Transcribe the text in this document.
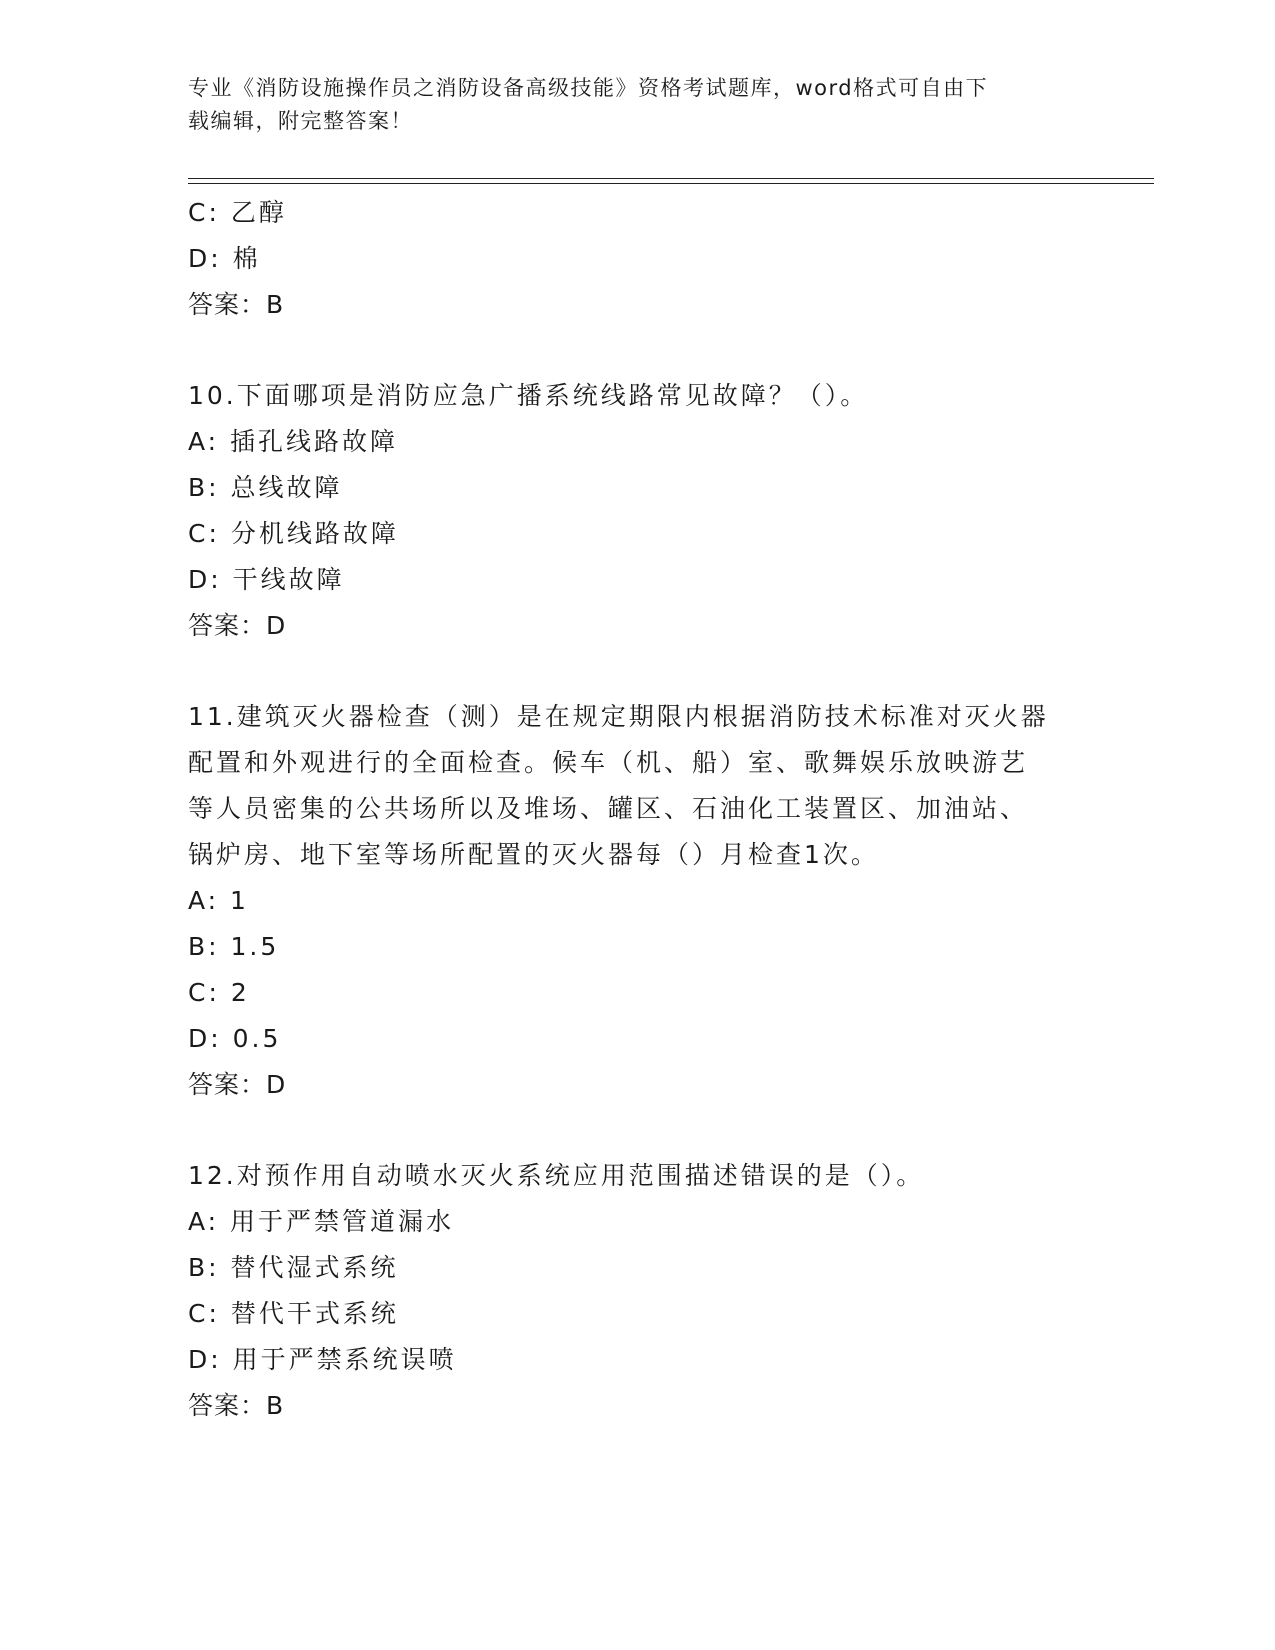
专业《消防设施操作员之消防设备高级技能》资格考试题库，word格式可自由下
载编辑，附完整答案！
C: 乙醇
D: 棉
答案：B
10.下面哪项是消防应急广播系统线路常见故障？（）。
A: 插孔线路故障
B: 总线故障
C: 分机线路故障
D: 干线故障
答案：D
11.建筑灭火器检查（测）是在规定期限内根据消防技术标准对灭火器
配置和外观进行的全面检查。候车（机、船）室、歌舞娱乐放映游艺
等人员密集的公共场所以及堆场、罐区、石油化工装置区、加油站、
锅炉房、地下室等场所配置的灭火器每（）月检查1次。
A: 1
B: 1.5
C: 2
D: 0.5
答案：D
12.对预作用自动喷水灭火系统应用范围描述错误的是（）。
A: 用于严禁管道漏水
B: 替代湿式系统
C: 替代干式系统
D: 用于严禁系统误喷
答案：B
